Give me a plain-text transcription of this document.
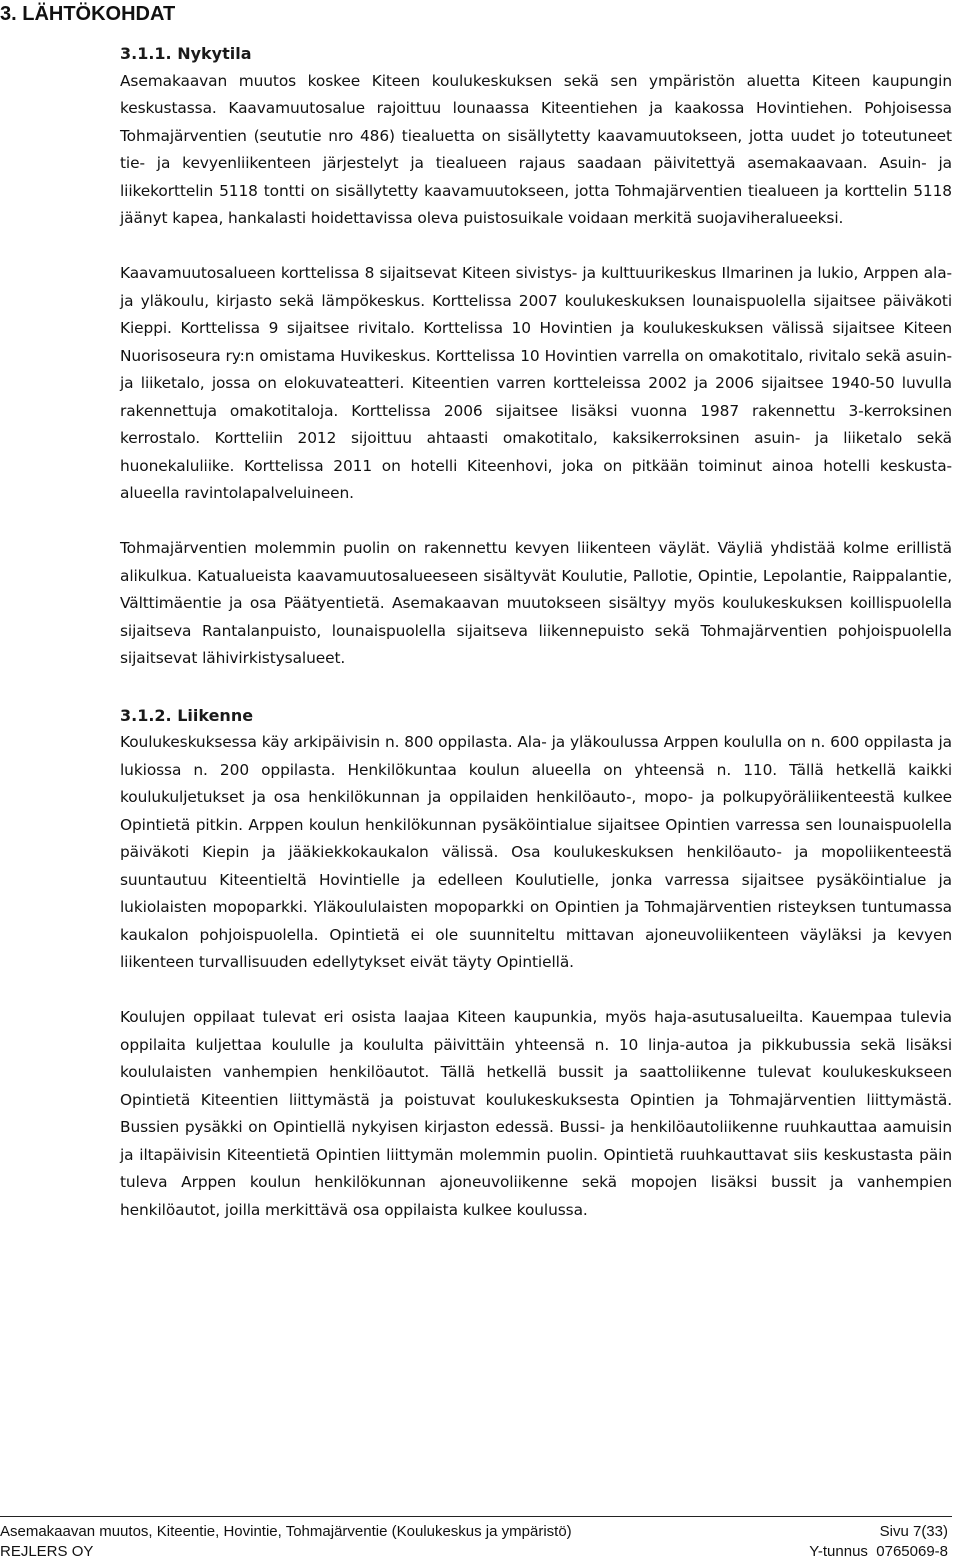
3. LÄHTÖKOHDAT
3.1.1. Nykytila

Asemakaavan muutos koskee Kiteen koulukeskuksen sekä sen ympäristön aluetta Kiteen kaupungin keskustassa. Kaavamuutosalue rajoittuu lounaassa Kiteentiehen ja kaakossa Hovintiehen. Pohjoisessa Tohmajärventien (seututie nro 486) tiealuetta on sisällytetty kaavamuutokseen, jotta uudet jo toteutuneet tie- ja kevyenliikenteen järjestelyt ja tiealueen rajaus saadaan päivitettyä asemakaavaan. Asuin- ja liikekorttelin 5118 tontti on sisällytetty kaavamuutokseen, jotta Tohmajärventien tiealueen ja korttelin 5118 jäänyt kapea, hankalasti hoidettavissa oleva puistosuikale voidaan merkitä suojaviheralueeksi.

Kaavamuutosalueen korttelissa 8 sijaitsevat Kiteen sivistys- ja kulttuurikeskus Ilmarinen ja lukio, Arppen ala- ja yläkoulu, kirjasto sekä lämpökeskus. Korttelissa 2007 koulukeskuksen lounaispuolella sijaitsee päiväkoti Kieppi. Korttelissa 9 sijaitsee rivitalo. Korttelissa 10 Hovintien ja koulukeskuksen välissä sijaitsee Kiteen Nuorisoseura ry:n omistama Huvikeskus. Korttelissa 10 Hovintien varrella on omakotitalo, rivitalo sekä asuin- ja liiketalo, jossa on elokuvateatteri. Kiteentien varren kortteleissa 2002 ja 2006 sijaitsee 1940-50 luvulla rakennettuja omakotitaloja. Korttelissa 2006 sijaitsee lisäksi vuonna 1987 rakennettu 3-kerroksinen kerrostalo. Kortteliin 2012 sijoittuu ahtaasti omakotitalo, kaksikerroksinen asuin- ja liiketalo sekä huonekaluliike. Korttelissa 2011 on hotelli Kiteenhovi, joka on pitkään toiminut ainoa hotelli keskusta-alueella ravintolapalveluineen.

Tohmajärventien molemmin puolin on rakennettu kevyen liikenteen väylät. Väyliä yhdistää kolme erillistä alikulkua. Katualueista kaavamuutosalueeseen sisältyvät Koulutie, Pallotie, Opintie, Lepolantie, Raippalantie, Välttimäentie ja osa Päätyentietä. Asemakaavan muutokseen sisältyy myös koulukeskuksen koillispuolella sijaitseva Rantalanpuisto, lounaispuolella sijaitseva liikennepuisto sekä Tohmajärventien pohjoispuolella sijaitsevat lähivirkistysalueet.

3.1.2. Liikenne

Koulukeskuksessa käy arkipäivisin n. 800 oppilasta. Ala- ja yläkoulussa Arppen koululla on n. 600 oppilasta ja lukiossa n. 200 oppilasta. Henkilökuntaa koulun alueella on yhteensä n. 110. Tällä hetkellä kaikki koulukuljetukset ja osa henkilökunnan ja oppilaiden henkilöauto-, mopo- ja polkupyöräliikenteestä kulkee Opintietä pitkin. Arppen koulun henkilökunnan pysäköintialue sijaitsee Opintien varressa sen lounaispuolella päiväkoti Kiepin ja jääkiekkokaukalon välissä. Osa koulukeskuksen henkilöauto- ja mopoliikenteestä suuntautuu Kiteentieltä Hovintielle ja edelleen Koulutielle, jonka varressa sijaitsee pysäköintialue ja lukiolaisten mopoparkki. Yläkoululaisten mopoparkki on Opintien ja Tohmajärventien risteyksen tuntumassa kaukalon pohjoispuolella. Opintietä ei ole suunniteltu mittavan ajoneuvoliikenteen väyläksi ja kevyen liikenteen turvallisuuden edellytykset eivät täyty Opintiellä.

Koulujen oppilaat tulevat eri osista laajaa Kiteen kaupunkia, myös haja-asutusalueilta. Kauempaa tulevia oppilaita kuljettaa koululle ja koululta päivittäin yhteensä n. 10 linja-autoa ja pikkubussia sekä lisäksi koululaisten vanhempien henkilöautot. Tällä hetkellä bussit ja saattoliikenne tulevat koulukeskukseen Opintietä Kiteentien liittymästä ja poistuvat koulukeskuksesta Opintien ja Tohmajärventien liittymästä. Bussien pysäkki on Opintiellä nykyisen kirjaston edessä. Bussi- ja henkilöautoliikenne ruuhkauttaa aamuisin ja iltapäivisin Kiteentietä Opintien liittymän molemmin puolin. Opintietä ruuhkauttavat siis keskustasta päin tuleva Arppen koulun henkilökunnan ajoneuvoliikenne sekä mopojen lisäksi bussit ja vanhempien henkilöautot, joilla merkittävä osa oppilaista kulkee koulussa.

Asemakaavan muutos, Kiteentie, Hovintie, Tohmajärventie (Koulukeskus ja ympäristö)	Sivu 7(33)
REJLERS OY	Y-tunnus  0765069-8
